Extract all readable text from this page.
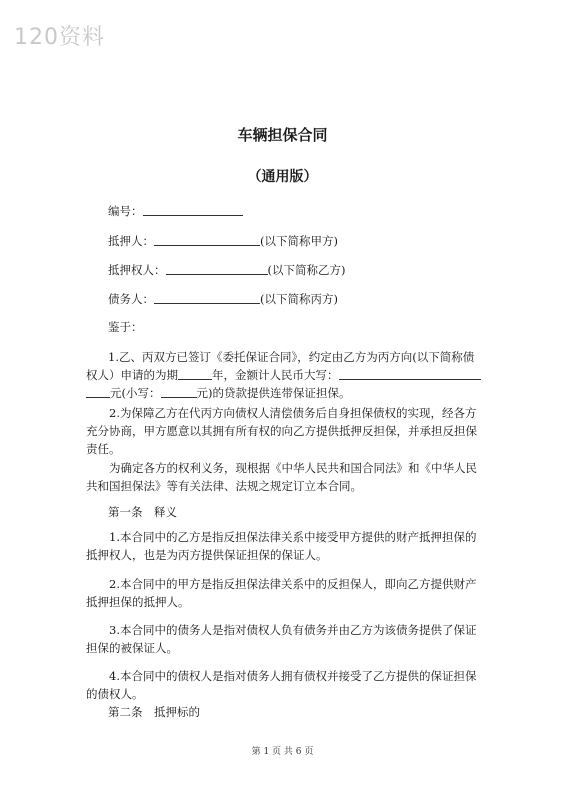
120资料
车辆担保合同
（通用版）
编号：
抵押人：	(以下简称甲方)
抵押权人：	(以下简称乙方)
债务人：	(以下简称丙方)
鉴于：
1.乙、丙双方已签订《委托保证合同》，约定由乙方为丙方向(以下简称债
权人）申请的为期	年，金额计人民币大写：
元(小写：	元)的贷款提供连带保证担保。
2.为保障乙方在代丙方向债权人清偿债务后自身担保债权的实现，经各方充分协商，甲方愿意以其拥有所有权的向乙方提供抵押反担保，并承担反担保责任。
为确定各方的权利义务，现根据《中华人民共和国合同法》和《中华人民共和国担保法》等有关法律、法规之规定订立本合同。
第一条　释义
1.本合同中的乙方是指反担保法律关系中接受甲方提供的财产抵押担保的抵押权人，也是为丙方提供保证担保的保证人。
2.本合同中的甲方是指反担保法律关系中的反担保人，即向乙方提供财产抵押担保的抵押人。
3.本合同中的债务人是指对债权人负有债务并由乙方为该债务提供了保证担保的被保证人。
4.本合同中的债权人是指对债务人拥有债权并接受了乙方提供的保证担保的债权人。
第二条　抵押标的
第 1 页 共 6 页
